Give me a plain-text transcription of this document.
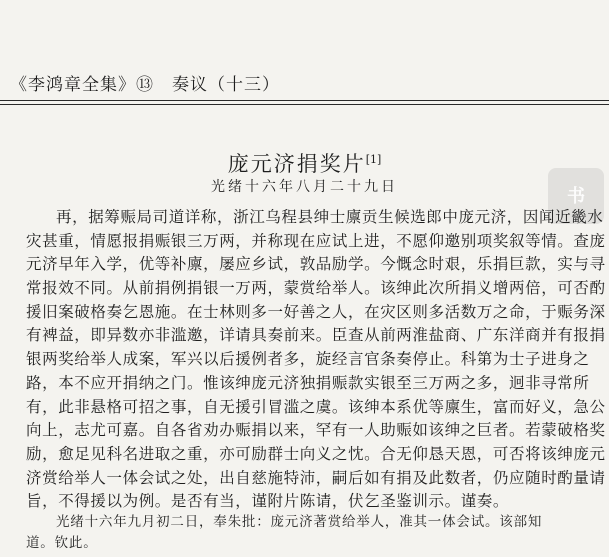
《李鸿章全集》⑬ 奏议（十三）
书
庞元济捐奖片[1]
光绪十六年八月二十九日
再，据筹赈局司道详称，浙江乌程县绅士廪贡生候选郎中庞元济，因闻近畿水
灾甚重，情愿报捐赈银三万两，并称现在应试上进，不愿仰邀别项奖叙等情。查庞
元济早年入学，优等补廪，屡应乡试，敦品励学。今慨念时艰，乐捐巨款，实与寻
常报效不同。从前捐例捐银一万两，蒙赏给举人。该绅此次所捐义增两倍，可否酌
援旧案破格奏乞恩施。在士林则多一好善之人，在灾区则多活数万之命，于赈务深
有裨益，即异数亦非滥邀，详请具奏前来。臣查从前两淮盐商、广东洋商并有报捐
银两奖给举人成案，军兴以后援例者多，旋经言官条奏停止。科第为士子进身之
路，本不应开捐纳之门。惟该绅庞元济独捐赈款实银至三万两之多，迥非寻常所
有，此非悬格可招之事，自无援引冒滥之虞。该绅本系优等廪生，富而好义，急公
向上，志尤可嘉。自各省劝办赈捐以来，罕有一人助赈如该绅之巨者。若蒙破格奖
励，愈足见科名进取之重，亦可励群士向义之忱。合无仰恳天恩，可否将该绅庞元
济赏给举人一体会试之处，出自慈施特沛，嗣后如有捐及此数者，仍应随时酌量请
旨，不得援以为例。是否有当，谨附片陈请，伏乞圣鉴训示。谨奏。
光绪十六年九月初二日，奉朱批：庞元济著赏给举人，准其一体会试。该部知
道。钦此。
